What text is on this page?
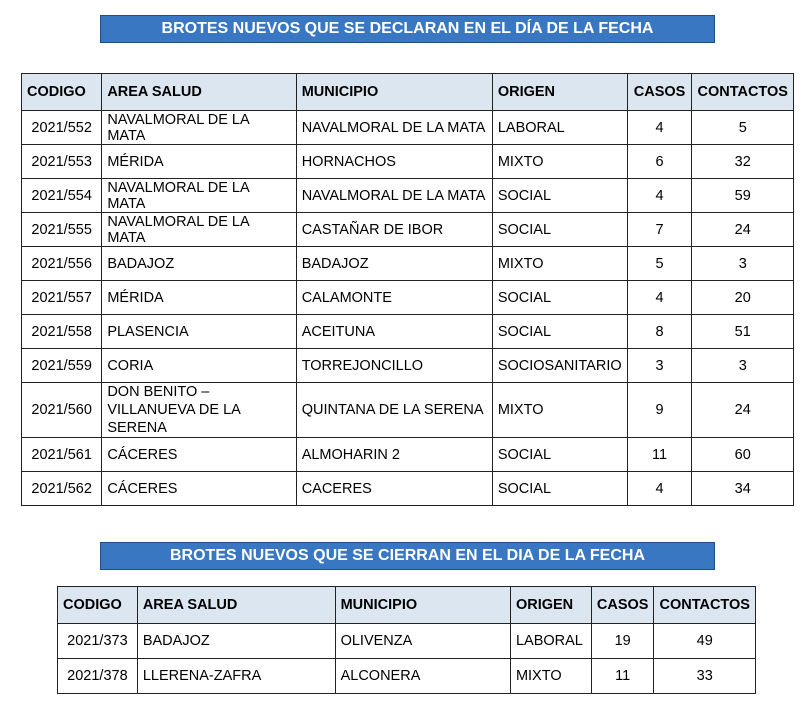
BROTES NUEVOS QUE SE DECLARAN EN EL DÍA DE LA FECHA
CODIGO	AREA SALUD	MUNICIPIO	ORIGEN	CASOS	CONTACTOS
2021/552	NAVALMORAL DE LA MATA	NAVALMORAL DE LA MATA	LABORAL	4	5
2021/553	MÉRIDA	HORNACHOS	MIXTO	6	32
2021/554	NAVALMORAL DE LA MATA	NAVALMORAL DE LA MATA	SOCIAL	4	59
2021/555	NAVALMORAL DE LA MATA	CASTAÑAR DE IBOR	SOCIAL	7	24
2021/556	BADAJOZ	BADAJOZ	MIXTO	5	3
2021/557	MÉRIDA	CALAMONTE	SOCIAL	4	20
2021/558	PLASENCIA	ACEITUNA	SOCIAL	8	51
2021/559	CORIA	TORREJONCILLO	SOCIOSANITARIO	3	3
2021/560	DON BENITO – VILLANUEVA DE LA SERENA	QUINTANA DE LA SERENA	MIXTO	9	24
2021/561	CÁCERES	ALMOHARIN 2	SOCIAL	11	60
2021/562	CÁCERES	CACERES	SOCIAL	4	34
BROTES NUEVOS QUE SE CIERRAN EN EL DIA DE LA FECHA
CODIGO	AREA SALUD	MUNICIPIO	ORIGEN	CASOS	CONTACTOS
2021/373	BADAJOZ	OLIVENZA	LABORAL	19	49
2021/378	LLERENA-ZAFRA	ALCONERA	MIXTO	11	33
